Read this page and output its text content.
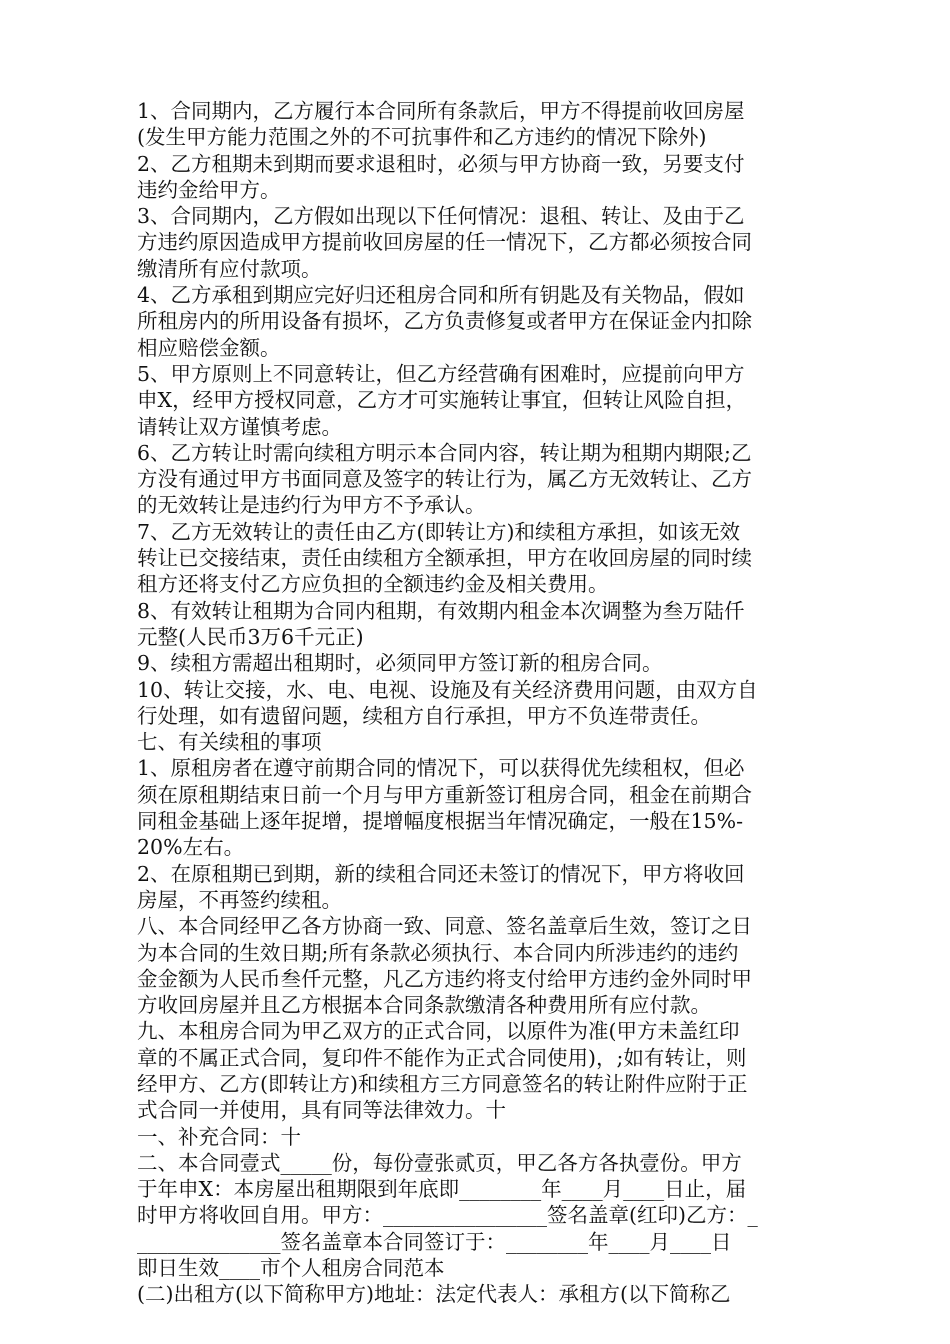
1、合同期内，乙方履行本合同所有条款后，甲方不得提前收回房屋
(发生甲方能力范围之外的不可抗事件和乙方违约的情况下除外)
2、乙方租期未到期而要求退租时，必须与甲方协商一致，另要支付
违约金给甲方。
3、合同期内，乙方假如出现以下任何情况：退租、转让、及由于乙
方违约原因造成甲方提前收回房屋的任一情况下，乙方都必须按合同
缴清所有应付款项。
4、乙方承租到期应完好归还租房合同和所有钥匙及有关物品，假如
所租房内的所用设备有损坏，乙方负责修复或者甲方在保证金内扣除
相应赔偿金额。
5、甲方原则上不同意转让，但乙方经营确有困难时，应提前向甲方
申X，经甲方授权同意，乙方才可实施转让事宜，但转让风险自担，
请转让双方谨慎考虑。
6、乙方转让时需向续租方明示本合同内容，转让期为租期内期限;乙
方没有通过甲方书面同意及签字的转让行为，属乙方无效转让、乙方
的无效转让是违约行为甲方不予承认。
7、乙方无效转让的责任由乙方(即转让方)和续租方承担，如该无效
转让已交接结束，责任由续租方全额承担，甲方在收回房屋的同时续
租方还将支付乙方应负担的全额违约金及相关费用。
8、有效转让租期为合同内租期，有效期内租金本次调整为叁万陆仟
元整(人民币3万6千元正)
9、续租方需超出租期时，必须同甲方签订新的租房合同。
10、转让交接，水、电、电视、设施及有关经济费用问题，由双方自
行处理，如有遗留问题，续租方自行承担，甲方不负连带责任。
七、有关续租的事项
1、原租房者在遵守前期合同的情况下，可以获得优先续租权，但必
须在原租期结束日前一个月与甲方重新签订租房合同，租金在前期合
同租金基础上逐年捉增，提增幅度根据当年情况确定，一般在15%-
20%左右。
2、在原租期已到期，新的续租合同还未签订的情况下，甲方将收回
房屋，不再签约续租。
八、本合同经甲乙各方协商一致、同意、签名盖章后生效，签订之日
为本合同的生效日期;所有条款必须执行、本合同内所涉违约的违约
金金额为人民币叁仟元整，凡乙方违约将支付给甲方违约金外同时甲
方收回房屋并且乙方根据本合同条款缴清各种费用所有应付款。
九、本租房合同为甲乙双方的正式合同，以原件为准(甲方未盖红印
章的不属正式合同，复印件不能作为正式合同使用)，;如有转让，则
经甲方、乙方(即转让方)和续租方三方同意签名的转让附件应附于正
式合同一并使用，具有同等法律效力。十
一、补充合同：十
二、本合同壹式_____份，每份壹张贰页，甲乙各方各执壹份。甲方
于年申X：本房屋出租期限到年底即________年____月____日止，届
时甲方将收回自用。甲方：________________签名盖章(红印)乙方：_
______________签名盖章本合同签订于：________年____月____日
即日生效____市个人租房合同范本
(二)出租方(以下简称甲方)地址：法定代表人：承租方(以下简称乙
